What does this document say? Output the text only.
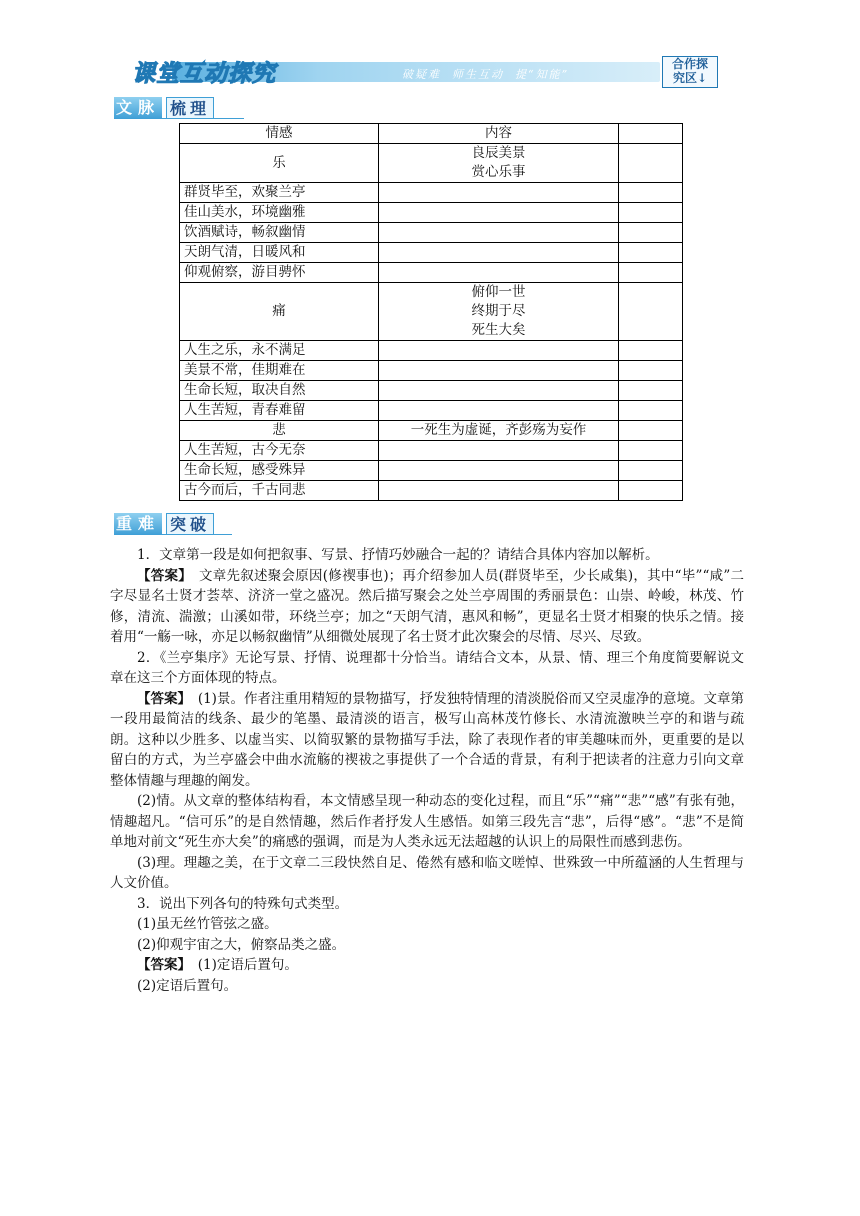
课堂互动探究	破疑难  师生互动  提“知能”
合作探
究区↓
文脉 梳理
情感	内容	
乐	良辰美景
赏心乐事	

群贤毕至，欢聚兰亭		
佳山美水，环境幽雅		
饮酒赋诗，畅叙幽情		
天朗气清，日暖风和		
仰观俯察，游目骋怀		
痛	俯仰一世
终期于尽
死生大矣	

人生之乐，永不满足		
美景不常，佳期难在		
生命长短，取决自然		
人生苦短，青春难留		
悲	一死生为虚诞，齐彭殇为妄作	

人生苦短，古今无奈		
生命长短，感受殊异		
古今而后，千古同悲		
重难 突破

1．文章第一段是如何把叙事、写景、抒情巧妙融合一起的？请结合具体内容加以解析。

【答案】　 文章先叙述聚会原因(修禊事也)；再介绍参加人员(群贤毕至，少长咸集)，其中“毕”“咸”二字尽显名士贤才荟萃、济济一堂之盛况。然后描写聚会之处兰亭周围的秀丽景色：山崇、岭峻，林茂、竹修，清流、湍激；山溪如带，环绕兰亭；加之“天朗气清，惠风和畅”，更显名士贤才相聚的快乐之情。接着用“一觞一咏，亦足以畅叙幽情”从细微处展现了名士贤才此次聚会的尽情、尽兴、尽致。

2．《兰亭集序》无论写景、抒情、说理都十分恰当。请结合文本，从景、情、理三个角度简要解说文章在这三个方面体现的特点。

【答案】　 (1)景。作者注重用精短的景物描写，抒发独特情理的清淡脱俗而又空灵虚净的意境。文章第一段用最简洁的线条、最少的笔墨、最清淡的语言，极写山高林茂竹修长、水清流激映兰亭的和谐与疏朗。这种以少胜多、以虚当实、以简驭繁的景物描写手法，除了表现作者的审美趣味而外，更重要的是以留白的方式，为兰亭盛会中曲水流觞的禊祓之事提供了一个合适的背景，有利于把读者的注意力引向文章整体情趣与理趣的阐发。

(2)情。从文章的整体结构看，本文情感呈现一种动态的变化过程，而且“乐”“痛”“悲”“感”有张有弛，情趣超凡。“信可乐”的是自然情趣，然后作者抒发人生感悟。如第三段先言“悲”，后得“感”。“悲”不是简单地对前文“死生亦大矣”的痛感的强调，而是为人类永远无法超越的认识上的局限性而感到悲伤。

(3)理。理趣之美，在于文章二三段快然自足、倦然有感和临文嗟悼、世殊致一中所蕴涵的人生哲理与人文价值。

3．说出下列各句的特殊句式类型。

(1)虽无丝竹管弦之盛。

(2)仰观宇宙之大，俯察品类之盛。

【答案】　 (1)定语后置句。

(2)定语后置句。
